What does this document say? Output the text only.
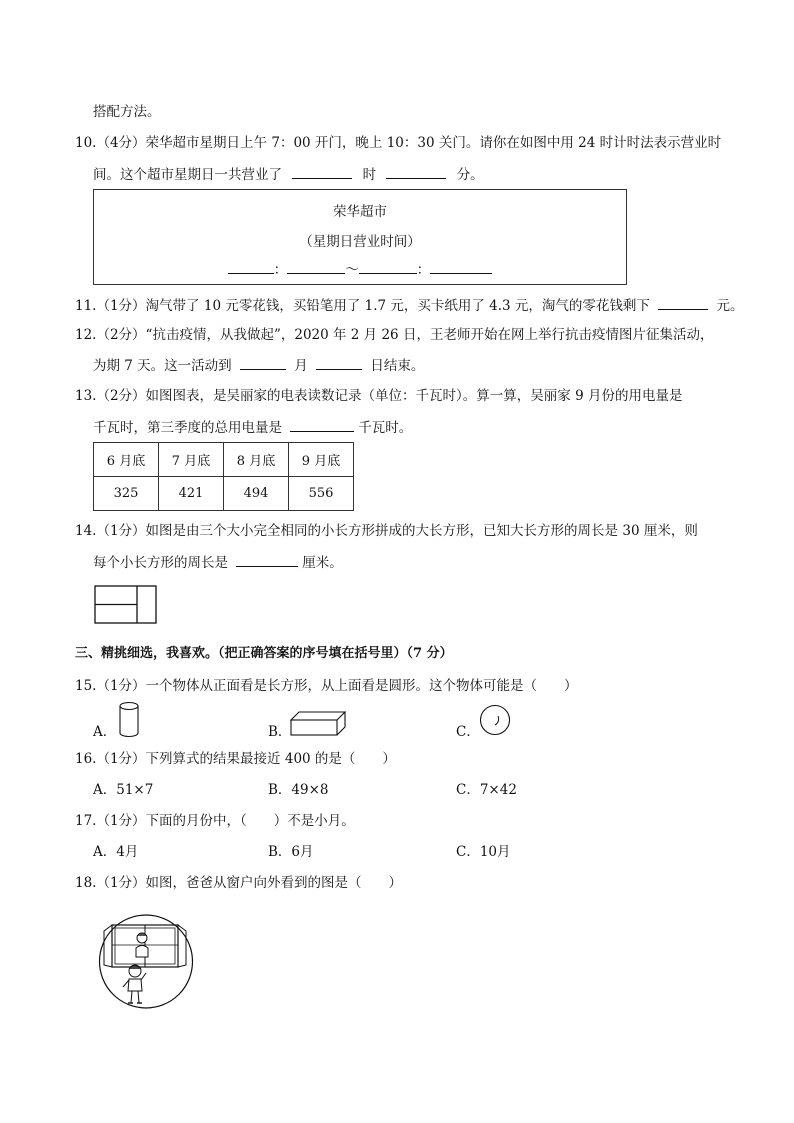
搭配方法。
10.（4分）荣华超市星期日上午 7：00 开门，晚上 10：30 关门。请你在如图中用 24 时计时法表示营业时
间。这个超市星期日一共营业了	时	分。
荣华超市
（星期日营业时间）
：	～	：
11.（1分）淘气带了 10 元零花钱，买铅笔用了 1.7 元，买卡纸用了 4.3 元，淘气的零花钱剩下	元。
12.（2分）“抗击疫情，从我做起”，2020 年 2 月 26 日，王老师开始在网上举行抗击疫情图片征集活动，
为期 7 天。这一活动到	月	日结束。
13.（2分）如图图表，是吴丽家的电表读数记录（单位：千瓦时）。算一算，吴丽家 9 月份的用电量是
千瓦时，第三季度的总用电量是	千瓦时。
6 月底	7 月底	8 月底	9 月底
325	421	494	556
14.（1分）如图是由三个大小完全相同的小长方形拼成的大长方形，已知大长方形的周长是 30 厘米，则
每个小长方形的周长是	厘米。
三、精挑细选，我喜欢。（把正确答案的序号填在括号里）（7 分）
15.（1分）一个物体从正面看是长方形，从上面看是圆形。这个物体可能是（　　）
A．	B．	C．
16.（1分）下列算式的结果最接近 400 的是（　　）
A．51×7	B．49×8	C．7×42
17.（1分）下面的月份中，（　　）不是小月。
A．4月	B．6月	C．10月
18.（1分）如图，爸爸从窗户向外看到的图是（　　）
